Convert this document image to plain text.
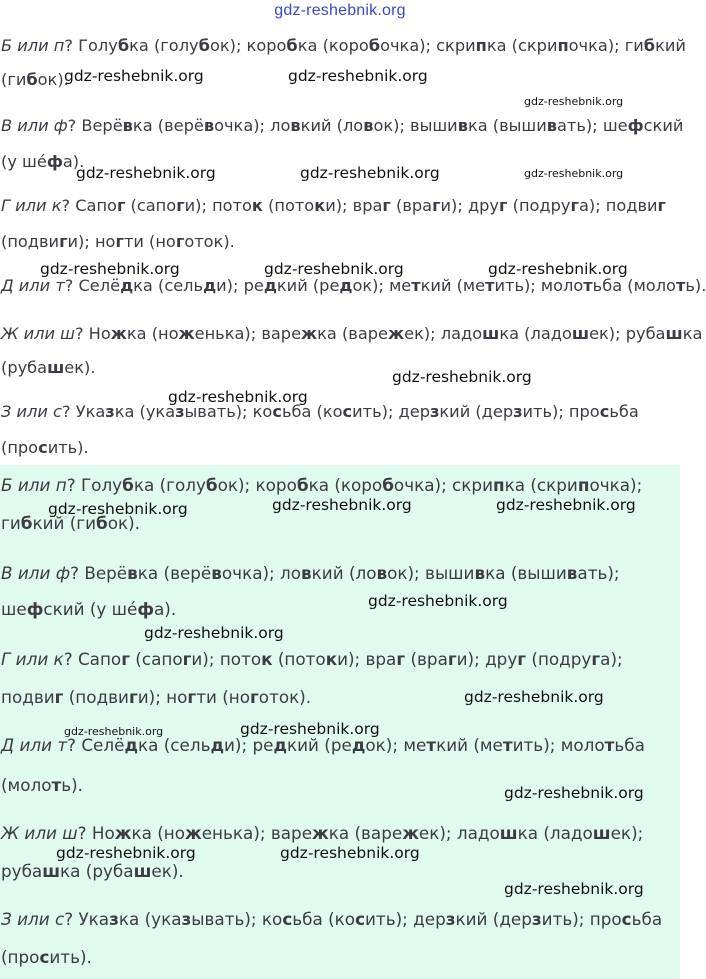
gdz-reshebnik.org
Б или п? Голубка (голубок); коробка (коробочка); скрипка (скрипочка); гибкий
(гибок).
В или ф? Верёвка (верёвочка); ловкий (ловок); вышивка (вышивать); шефский
(у шéфа).
Г или к? Сапог (сапоги); поток (потоки); враг (враги); друг (подруга); подвиг
(подвиги); ногти (ноготок).
Д или т? Селёдка (сельди); редкий (редок); меткий (метить); молотьба (молоть).
Ж или ш? Ножка (ноженька); варежка (варежек); ладошка (ладошек); рубашка
(рубашек).
З или с? Указка (указывать); косьба (косить); дерзкий (дерзить); просьба
(просить).
Б или п? Голубка (голубок); коробка (коробочка); скрипка (скрипочка);
гибкий (гибок).
В или ф? Верёвка (верёвочка); ловкий (ловок); вышивка (вышивать);
шефский (у шéфа).
Г или к? Сапог (сапоги); поток (потоки); враг (враги); друг (подруга);
подвиг (подвиги); ногти (ноготок).
Д или т? Селёдка (сельди); редкий (редок); меткий (метить); молотьба
(молоть).
Ж или ш? Ножка (ноженька); варежка (варежек); ладошка (ладошек);
рубашка (рубашек).
З или с? Указка (указывать); косьба (косить); дерзкий (дерзить); просьба
(просить).
gdz-reshebnik.org	gdz-reshebnik.org
gdz-reshebnik.org
gdz-reshebnik.org	gdz-reshebnik.org	gdz-reshebnik.org
gdz-reshebnik.org	gdz-reshebnik.org	gdz-reshebnik.org
gdz-reshebnik.org
gdz-reshebnik.org
gdz-reshebnik.org	gdz-reshebnik.org	gdz-reshebnik.org
gdz-reshebnik.org
gdz-reshebnik.org
gdz-reshebnik.org
gdz-reshebnik.org	gdz-reshebnik.org
gdz-reshebnik.org
gdz-reshebnik.org	gdz-reshebnik.org
gdz-reshebnik.org
